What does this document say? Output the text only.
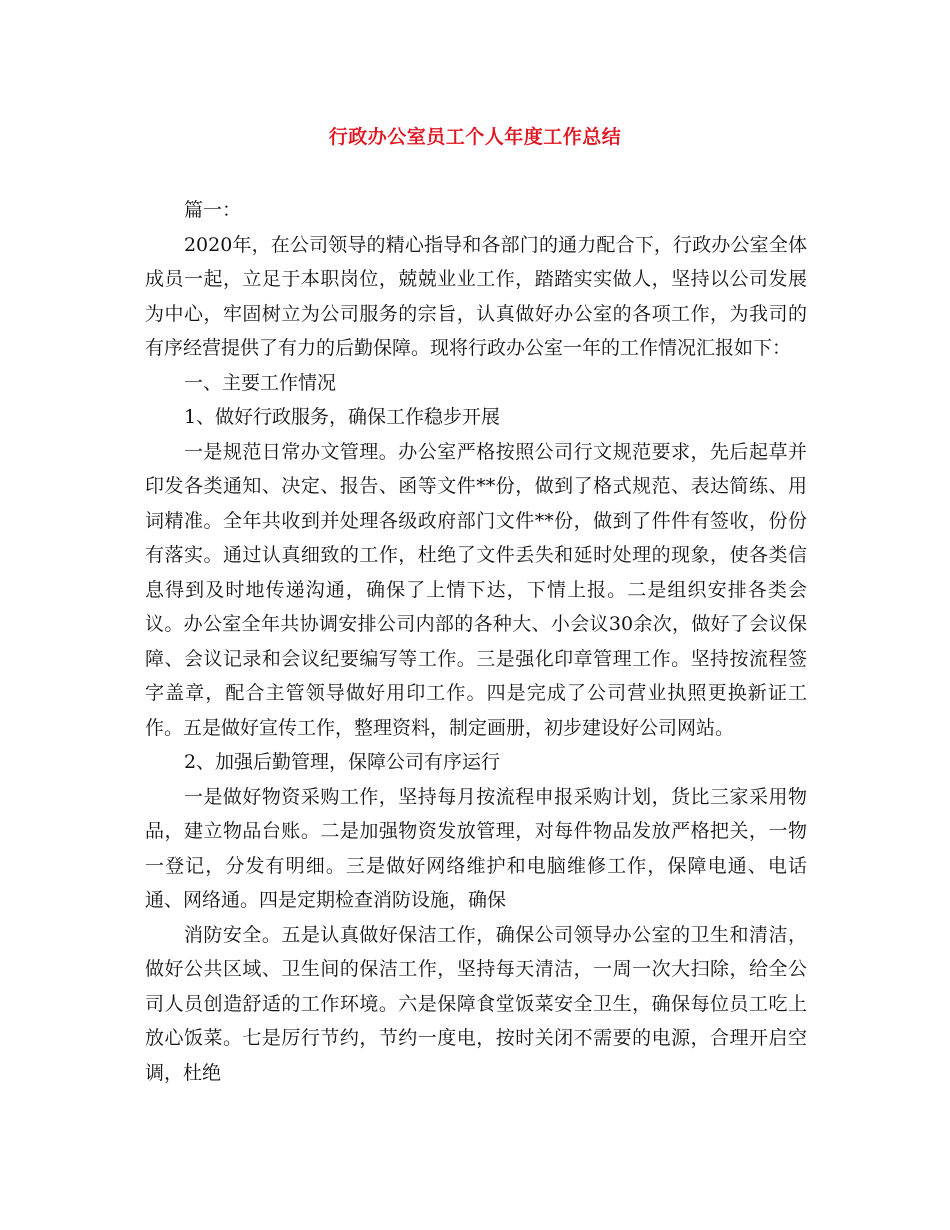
行政办公室员工个人年度工作总结

篇一：

2020年，在公司领导的精心指导和各部门的通力配合下，行政办公室全体成员一起，立足于本职岗位，兢兢业业工作，踏踏实实做人，坚持以公司发展为中心，牢固树立为公司服务的宗旨，认真做好办公室的各项工作，为我司的有序经营提供了有力的后勤保障。现将行政办公室一年的工作情况汇报如下：

一、主要工作情况

1、做好行政服务，确保工作稳步开展

一是规范日常办文管理。办公室严格按照公司行文规范要求，先后起草并印发各类通知、决定、报告、函等文件**份，做到了格式规范、表达简练、用词精准。全年共收到并处理各级政府部门文件**份，做到了件件有签收，份份有落实。通过认真细致的工作，杜绝了文件丢失和延时处理的现象，使各类信息得到及时地传递沟通，确保了上情下达，下情上报。二是组织安排各类会议。办公室全年共协调安排公司内部的各种大、小会议30余次，做好了会议保障、会议记录和会议纪要编写等工作。三是强化印章管理工作。坚持按流程签字盖章，配合主管领导做好用印工作。四是完成了公司营业执照更换新证工作。五是做好宣传工作，整理资料，制定画册，初步建设好公司网站。

2、加强后勤管理，保障公司有序运行

一是做好物资采购工作，坚持每月按流程申报采购计划，货比三家采用物品，建立物品台账。二是加强物资发放管理，对每件物品发放严格把关，一物一登记，分发有明细。三是做好网络维护和电脑维修工作，保障电通、电话通、网络通。四是定期检查消防设施，确保

消防安全。五是认真做好保洁工作，确保公司领导办公室的卫生和清洁，做好公共区域、卫生间的保洁工作，坚持每天清洁，一周一次大扫除，给全公司人员创造舒适的工作环境。六是保障食堂饭菜安全卫生，确保每位员工吃上放心饭菜。七是厉行节约，节约一度电，按时关闭不需要的电源，合理开启空调，杜绝
